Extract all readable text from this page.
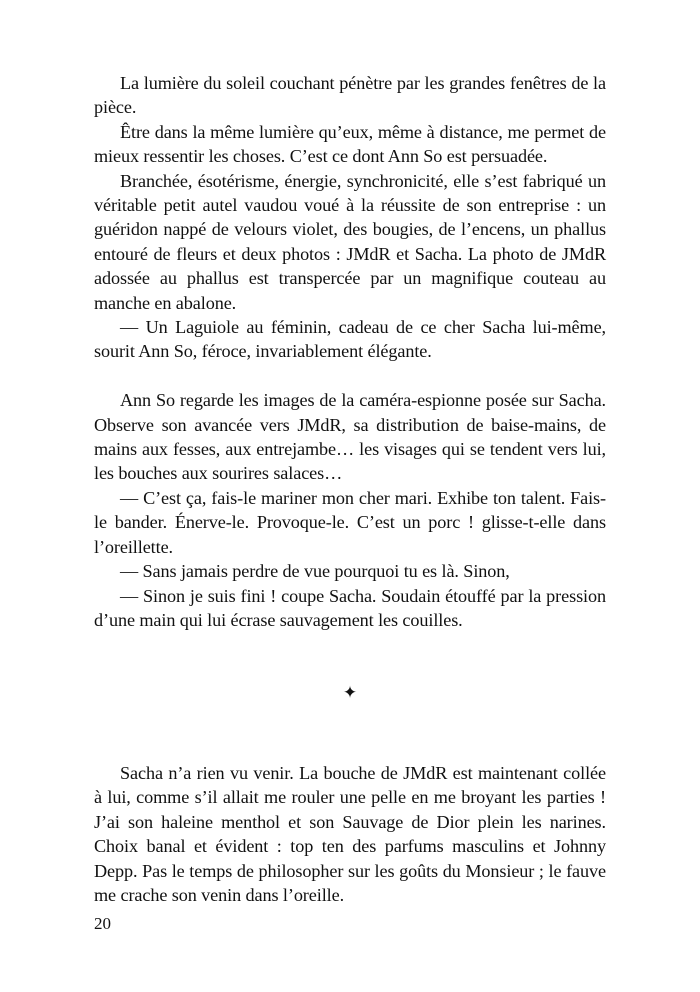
La lumière du soleil couchant pénètre par les grandes fenêtres de la pièce.

Être dans la même lumière qu’eux, même à distance, me permet de mieux ressentir les choses. C’est ce dont Ann So est persuadée.

Branchée, ésotérisme, énergie, synchronicité, elle s’est fabriqué un véritable petit autel vaudou voué à la réussite de son entreprise : un guéridon nappé de velours violet, des bougies, de l’encens, un phallus entouré de fleurs et deux photos : JMdR et Sacha. La photo de JMdR adossée au phallus est transpercée par un magnifique couteau au manche en abalone.

— Un Laguiole au féminin, cadeau de ce cher Sacha lui-même, sourit Ann So, féroce, invariablement élégante.

Ann So regarde les images de la caméra-espionne posée sur Sacha. Observe son avancée vers JMdR, sa distribution de baise-mains, de mains aux fesses, aux entrejambe… les visages qui se tendent vers lui, les bouches aux sourires salaces…

— C’est ça, fais-le mariner mon cher mari. Exhibe ton talent. Fais-le bander. Énerve-le. Provoque-le. C’est un porc ! glisse-t-elle dans l’oreillette.

— Sans jamais perdre de vue pourquoi tu es là. Sinon,

— Sinon je suis fini ! coupe Sacha. Soudain étouffé par la pression d’une main qui lui écrase sauvagement les couilles.

✦

Sacha n’a rien vu venir. La bouche de JMdR est maintenant collée à lui, comme s’il allait me rouler une pelle en me broyant les parties ! J’ai son haleine menthol et son Sauvage de Dior plein les narines. Choix banal et évident : top ten des parfums masculins et Johnny Depp. Pas le temps de philosopher sur les goûts du Monsieur ; le fauve me crache son venin dans l’oreille.

20
